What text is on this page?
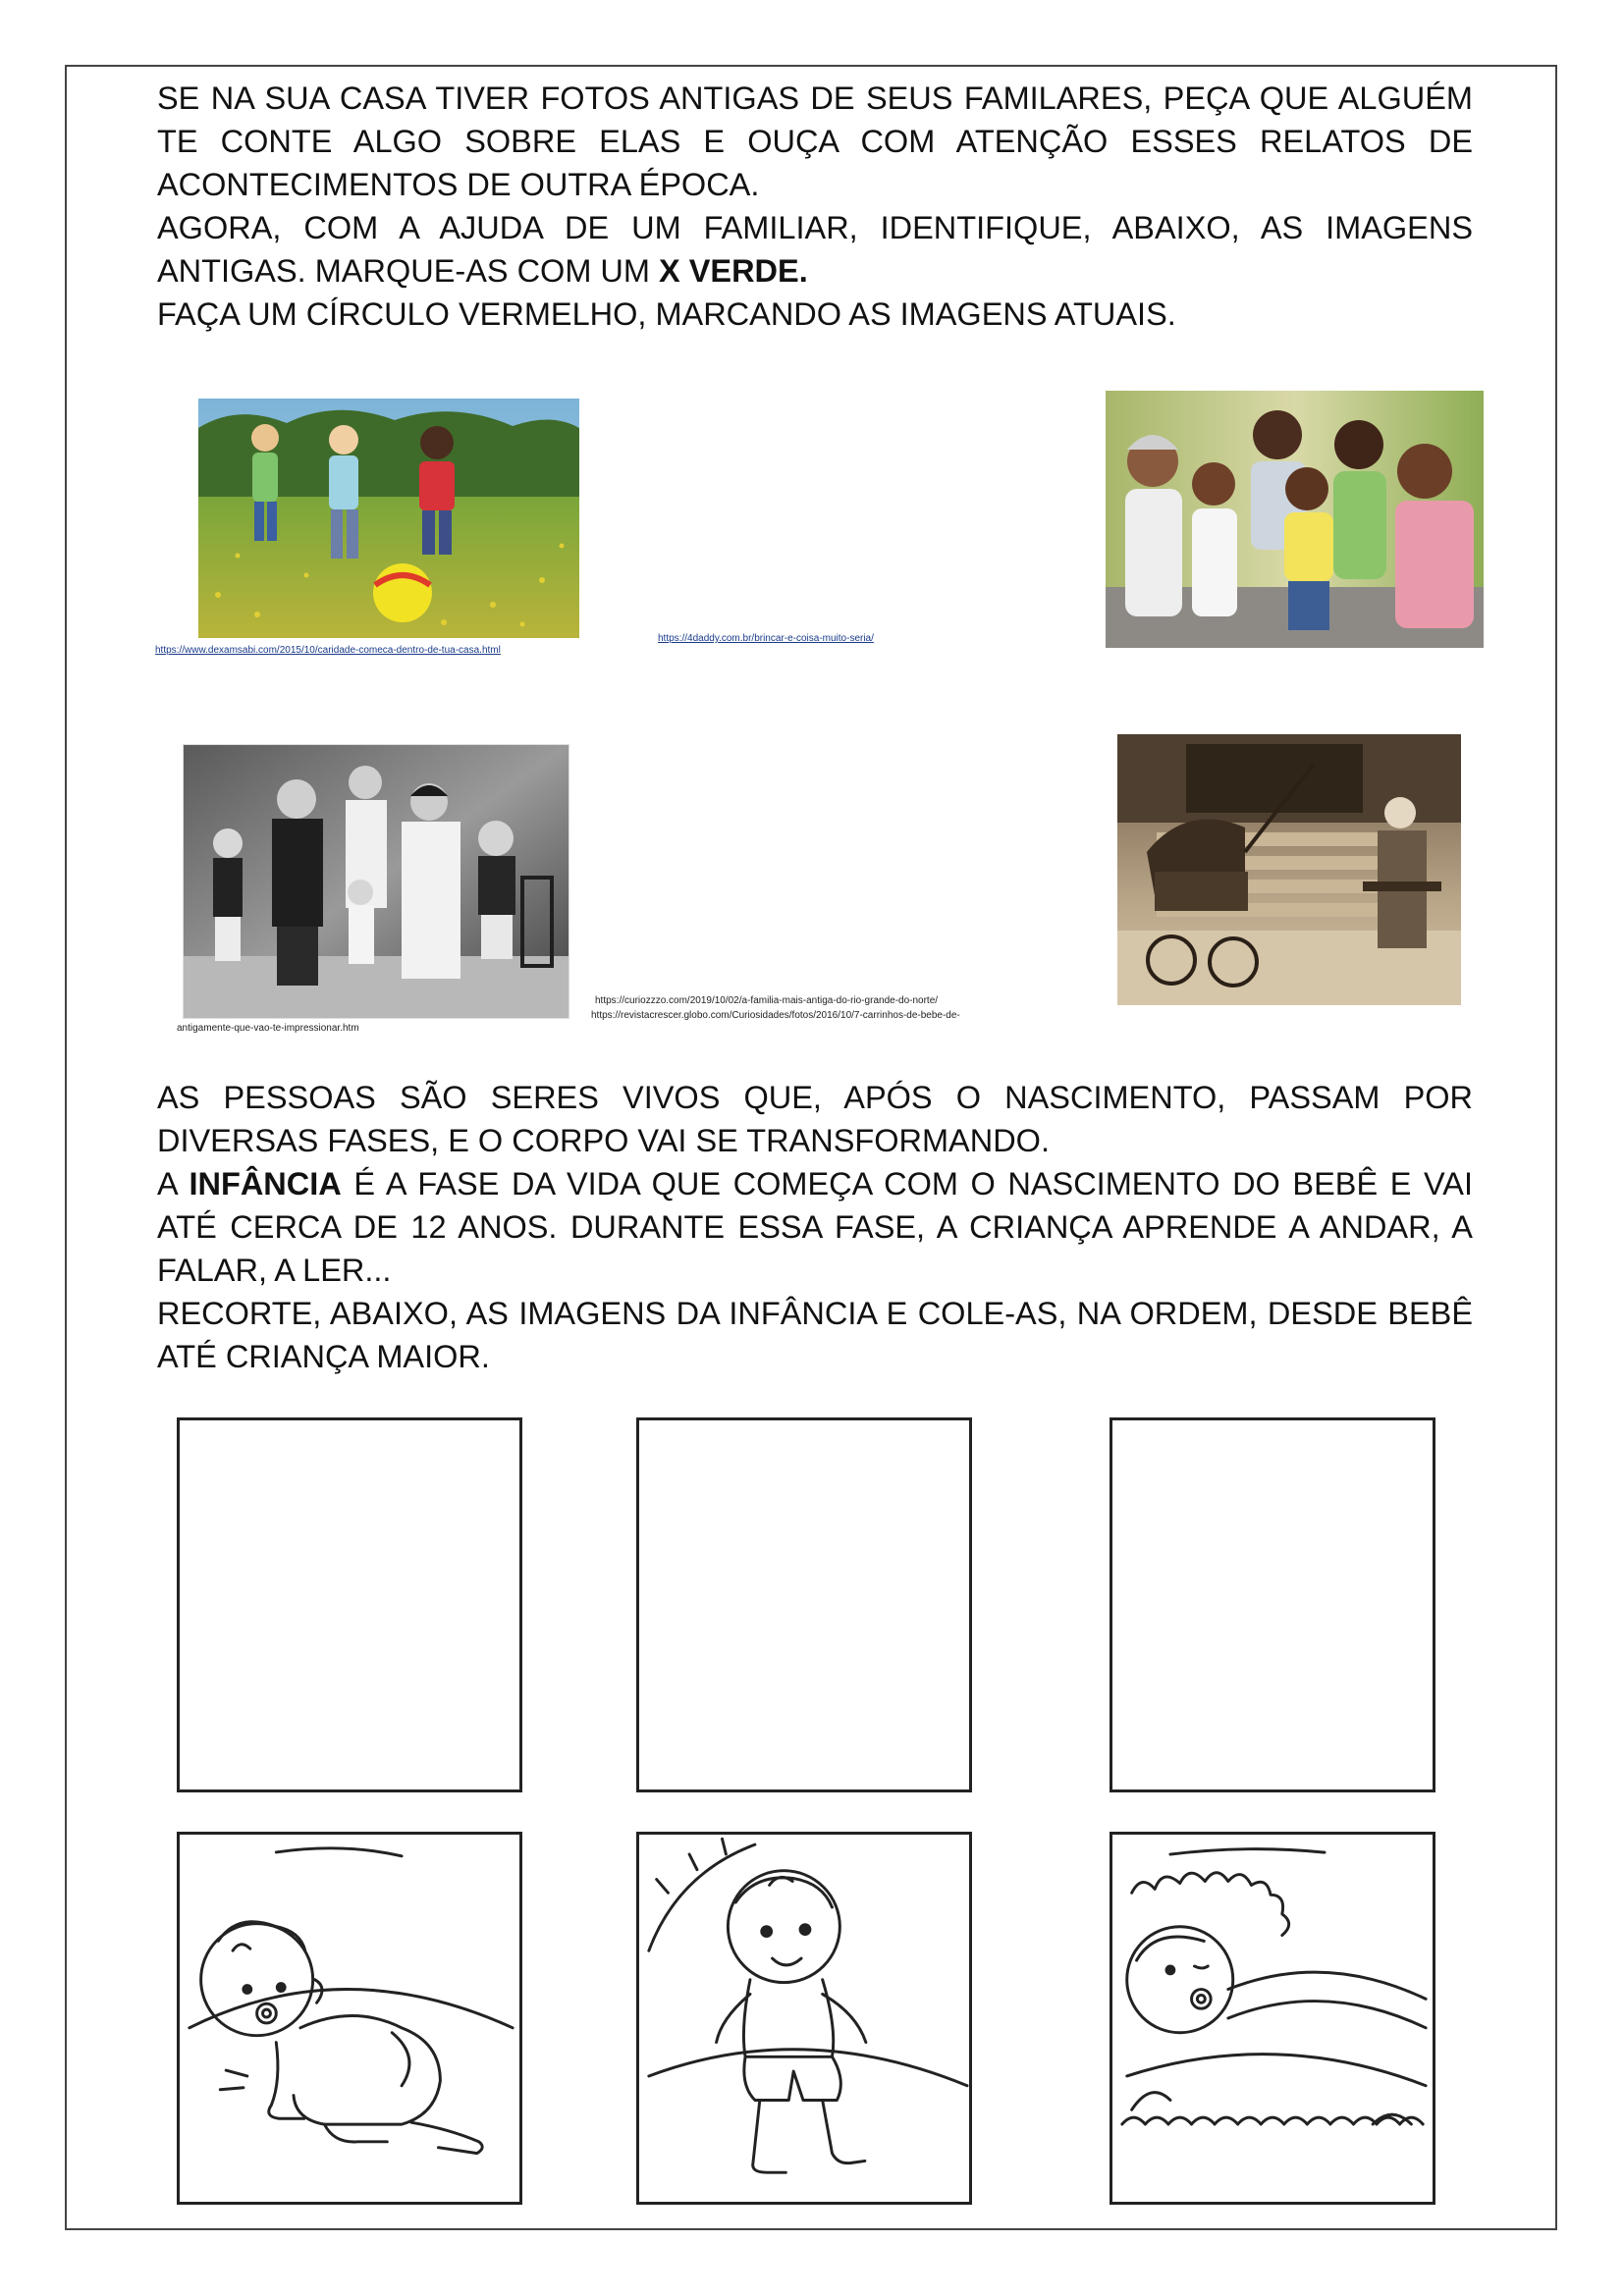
SE NA SUA CASA TIVER FOTOS ANTIGAS DE SEUS FAMILARES, PEÇA QUE ALGUÉM TE CONTE ALGO SOBRE ELAS E OUÇA COM ATENÇÃO ESSES RELATOS DE ACONTECIMENTOS DE OUTRA ÉPOCA.

AGORA, COM A AJUDA DE UM FAMILIAR, IDENTIFIQUE, ABAIXO, AS IMAGENS ANTIGAS. MARQUE-AS COM UM X VERDE.

FAÇA UM CÍRCULO VERMELHO, MARCANDO AS IMAGENS ATUAIS.

https://www.dexamsabi.com/2015/10/caridade-comeca-dentro-de-tua-casa.html
https://4daddy.com.br/brincar-e-coisa-muito-seria/
antigamente-que-vao-te-impressionar.htm
https://curiozzzo.com/2019/10/02/a-familia-mais-antiga-do-rio-grande-do-norte/
https://revistacrescer.globo.com/Curiosidades/fotos/2016/10/7-carrinhos-de-bebe-de-

AS PESSOAS SÃO SERES VIVOS QUE, APÓS O NASCIMENTO, PASSAM POR DIVERSAS FASES, E O CORPO VAI SE TRANSFORMANDO.

A INFÂNCIA É A FASE DA VIDA QUE COMEÇA COM O NASCIMENTO DO BEBÊ E VAI ATÉ CERCA DE 12 ANOS. DURANTE ESSA FASE, A CRIANÇA APRENDE A ANDAR, A FALAR, A LER...

RECORTE, ABAIXO, AS IMAGENS DA INFÂNCIA E COLE-AS, NA ORDEM, DESDE BEBÊ ATÉ CRIANÇA MAIOR.
